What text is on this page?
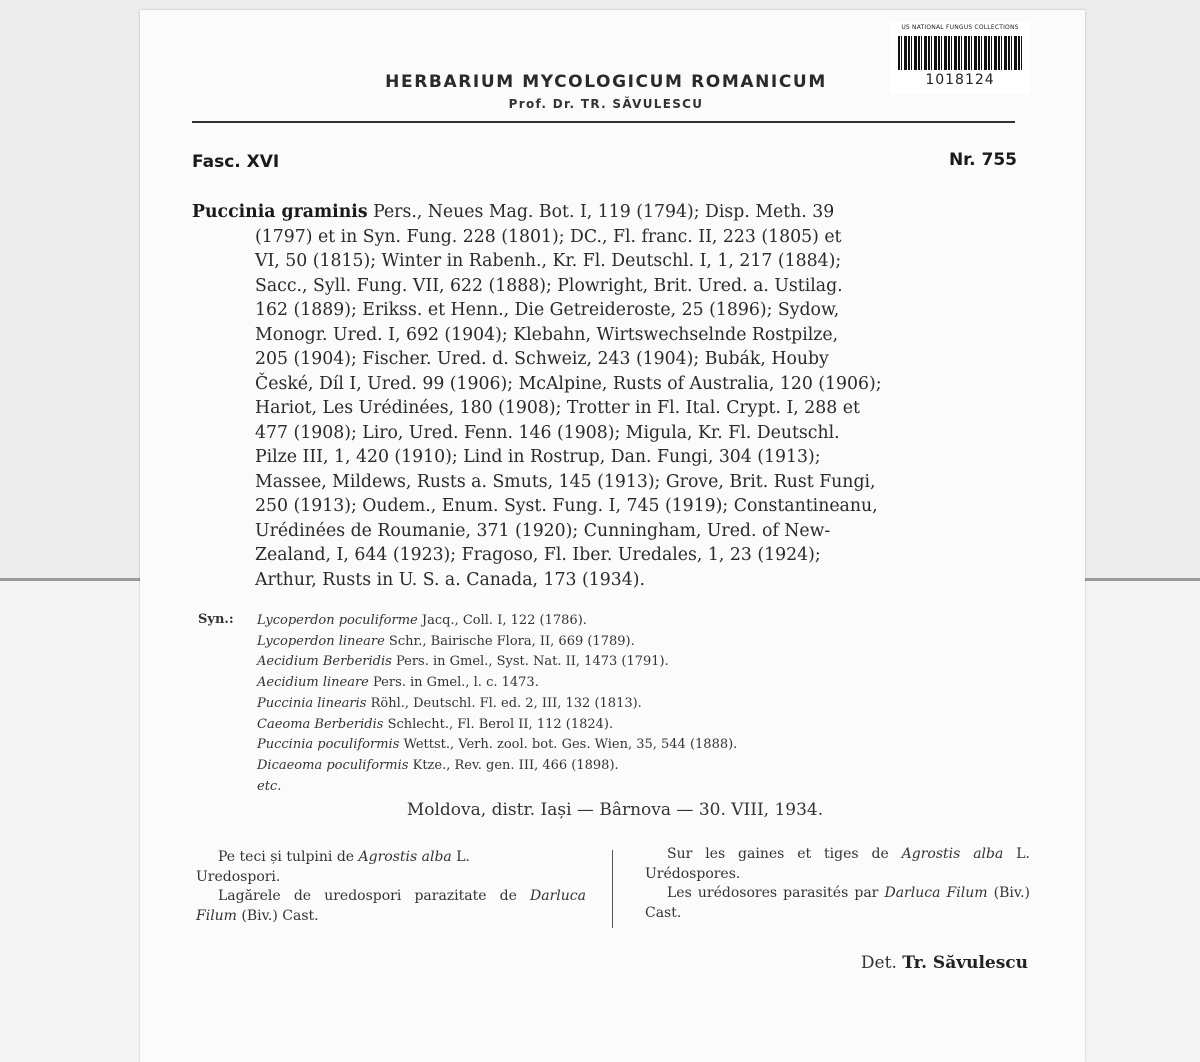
US NATIONAL FUNGUS COLLECTIONS
1018124
HERBARIUM MYCOLOGICUM ROMANICUM
Prof. Dr. TR. SĂVULESCU
Fasc. XVI	Nr. 755
Puccinia graminis Pers., Neues Mag. Bot. I, 119 (1794); Disp. Meth. 39
(1797) et in Syn. Fung. 228 (1801); DC., Fl. franc. II, 223 (1805) et
VI, 50 (1815); Winter in Rabenh., Kr. Fl. Deutschl. I, 1, 217 (1884);
Sacc., Syll. Fung. VII, 622 (1888); Plowright, Brit. Ured. a. Ustilag.
162 (1889); Erikss. et Henn., Die Getreideroste, 25 (1896); Sydow,
Monogr. Ured. I, 692 (1904); Klebahn, Wirtswechselnde Rostpilze,
205 (1904); Fischer. Ured. d. Schweiz, 243 (1904); Bubák, Houby
České, Díl I, Ured. 99 (1906); McAlpine, Rusts of Australia, 120 (1906);
Hariot, Les Urédinées, 180 (1908); Trotter in Fl. Ital. Crypt. I, 288 et
477 (1908); Liro, Ured. Fenn. 146 (1908); Migula, Kr. Fl. Deutschl.
Pilze III, 1, 420 (1910); Lind in Rostrup, Dan. Fungi, 304 (1913);
Massee, Mildews, Rusts a. Smuts, 145 (1913); Grove, Brit. Rust Fungi,
250 (1913); Oudem., Enum. Syst. Fung. I, 745 (1919); Constantineanu,
Urédinées de Roumanie, 371 (1920); Cunningham, Ured. of New-
Zealand, I, 644 (1923); Fragoso, Fl. Iber. Uredales, 1, 23 (1924);
Arthur, Rusts in U. S. a. Canada, 173 (1934).
Syn.: Lycoperdon poculiforme Jacq., Coll. I, 122 (1786).
Lycoperdon lineare Schr., Bairische Flora, II, 669 (1789).
Aecidium Berberidis Pers. in Gmel., Syst. Nat. II, 1473 (1791).
Aecidium lineare Pers. in Gmel., l. c. 1473.
Puccinia linearis Röhl., Deutschl. Fl. ed. 2, III, 132 (1813).
Caeoma Berberidis Schlecht., Fl. Berol II, 112 (1824).
Puccinia poculiformis Wettst., Verh. zool. bot. Ges. Wien, 35, 544 (1888).
Dicaeoma poculiformis Ktze., Rev. gen. III, 466 (1898).
etc.
Moldova, distr. Iași — Bârnova — 30. VIII, 1934.

Pe teci și tulpini de Agrostis alba L.

Uredospori.

Lagărele de uredospori parazitate de Darluca Filum (Biv.) Cast.

Sur les gaines et tiges de Agrostis alba L. Urédospores.

Les urédosores parasités par Darluca Filum (Biv.) Cast.

Det. Tr. Săvulescu
